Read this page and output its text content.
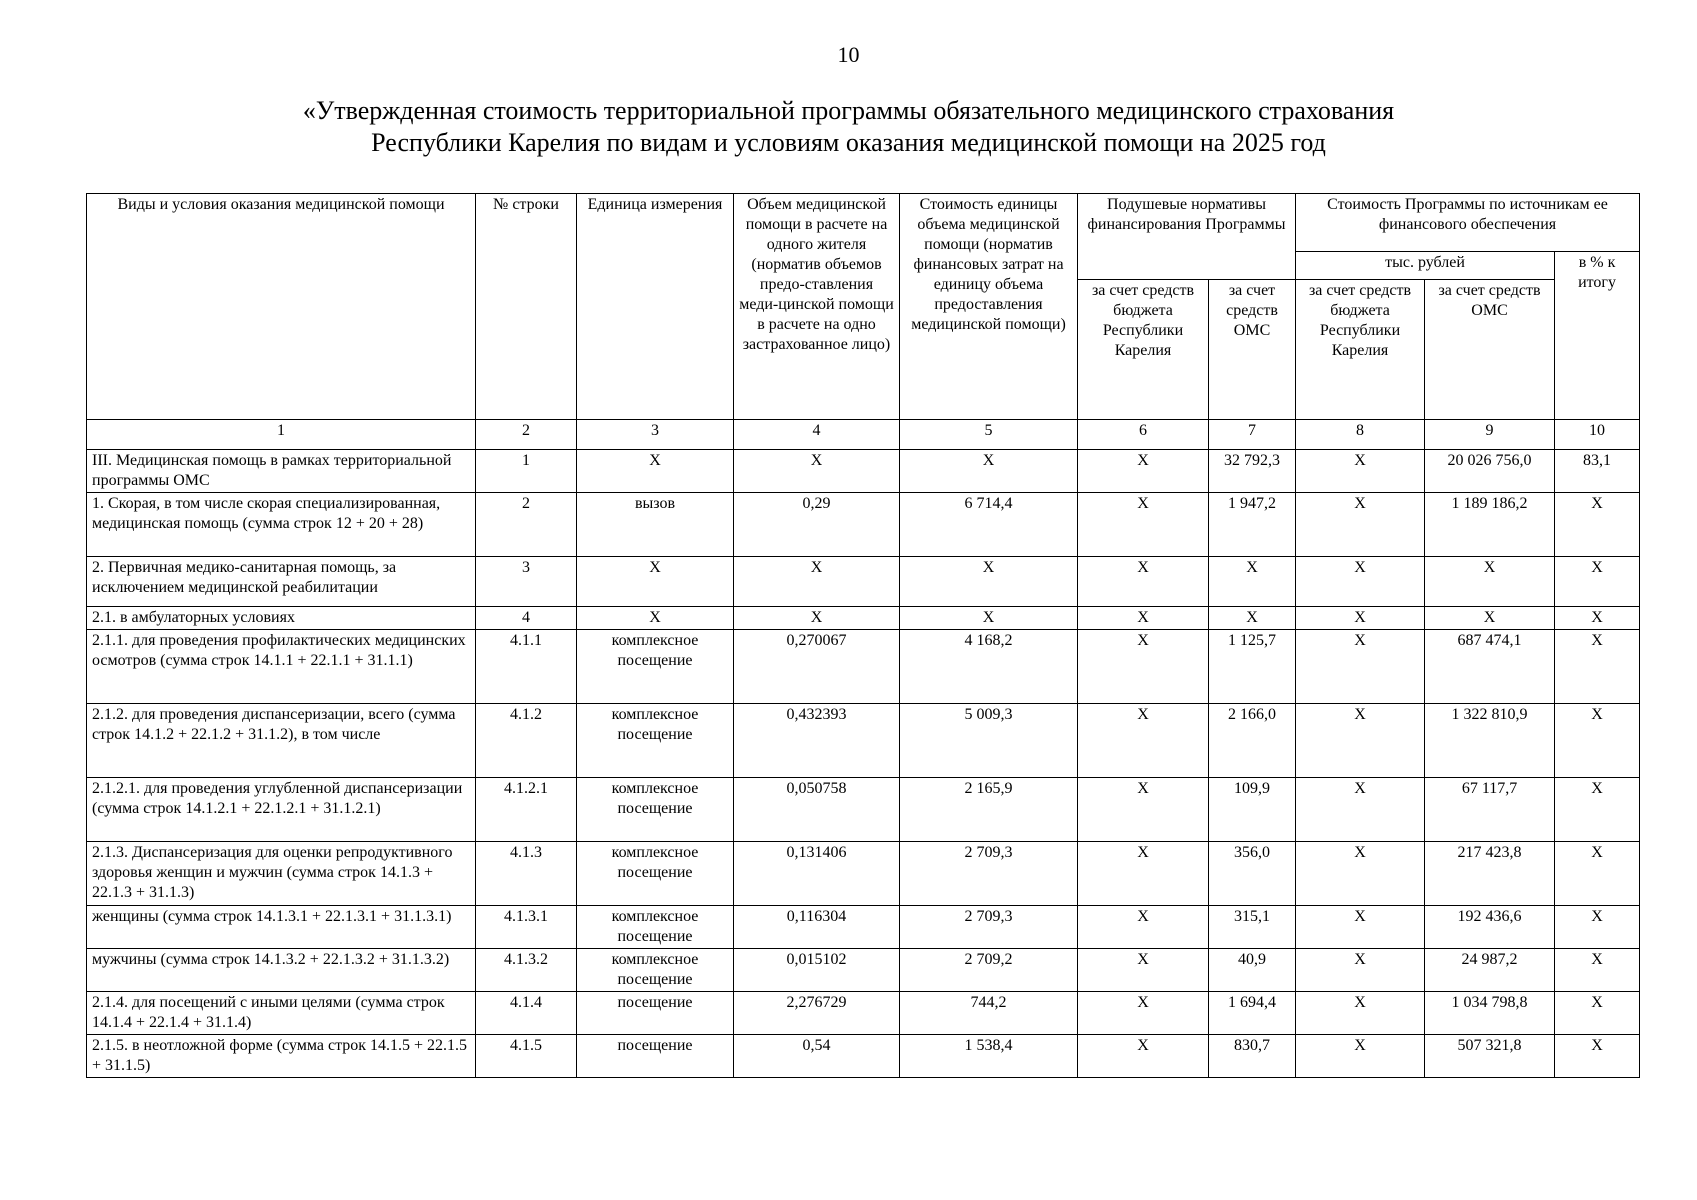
10
«Утвержденная стоимость территориальной программы обязательного медицинского страхования
Республики Карелия по видам и условиям оказания медицинской помощи на 2025 год
Виды и условия оказания медицинской помощи	№ строки	Единица измерения	Объем медицинской помощи в расчете на одного жителя (норматив объемов предо-ставления меди-цинской помощи в расчете на одно застрахованное лицо)	Стоимость единицы объема медицинской помощи (норматив финансовых затрат на единицу объема предоставления медицинской помощи)	Подушевые нормативы финансирования Программы		Стоимость Программы по источникам ее финансового обеспечения		
							тыс. рублей		в % к итогу
					за счет средств бюджета Республики Карелия	за счет средств ОМС	за счет средств бюджета Республики Карелия	за счет средств ОМС	
1	2	3	4	5	6	7	8	9	10
III. Медицинская помощь в рамках территориальной программы ОМС	1	X	X	X	X	32 792,3	X	20 026 756,0	83,1
1. Скорая, в том числе скорая специализированная, медицинская помощь (сумма строк 12 + 20 + 28)	2	вызов	0,29	6 714,4	X	1 947,2	X	1 189 186,2	X
2. Первичная медико-санитарная помощь, за исключением медицинской реабилитации	3	X	X	X	X	X	X	X	X
2.1. в амбулаторных условиях	4	X	X	X	X	X	X	X	X
2.1.1. для проведения профилактических медицинских осмотров (сумма строк 14.1.1 + 22.1.1 + 31.1.1)	4.1.1	комплексное посещение	0,270067	4 168,2	X	1 125,7	X	687 474,1	X
2.1.2. для проведения диспансеризации, всего (сумма строк 14.1.2 + 22.1.2 + 31.1.2), в том числе	4.1.2	комплексное посещение	0,432393	5 009,3	X	2 166,0	X	1 322 810,9	X
2.1.2.1. для проведения углубленной диспансеризации (сумма строк 14.1.2.1 + 22.1.2.1 + 31.1.2.1)	4.1.2.1	комплексное посещение	0,050758	2 165,9	X	109,9	X	67 117,7	X
2.1.3. Диспансеризация для оценки репродуктивного здоровья женщин и мужчин (сумма строк 14.1.3 + 22.1.3 + 31.1.3)	4.1.3	комплексное посещение	0,131406	2 709,3	X	356,0	X	217 423,8	X
женщины (сумма строк 14.1.3.1 + 22.1.3.1 + 31.1.3.1)	4.1.3.1	комплексное посещение	0,116304	2 709,3	X	315,1	X	192 436,6	X
мужчины (сумма строк 14.1.3.2 + 22.1.3.2 + 31.1.3.2)	4.1.3.2	комплексное посещение	0,015102	2 709,2	X	40,9	X	24 987,2	X
2.1.4. для посещений с иными целями (сумма строк 14.1.4 + 22.1.4 + 31.1.4)	4.1.4	посещение	2,276729	744,2	X	1 694,4	X	1 034 798,8	X
2.1.5. в неотложной форме (сумма строк 14.1.5 + 22.1.5 + 31.1.5)	4.1.5	посещение	0,54	1 538,4	X	830,7	X	507 321,8	X
